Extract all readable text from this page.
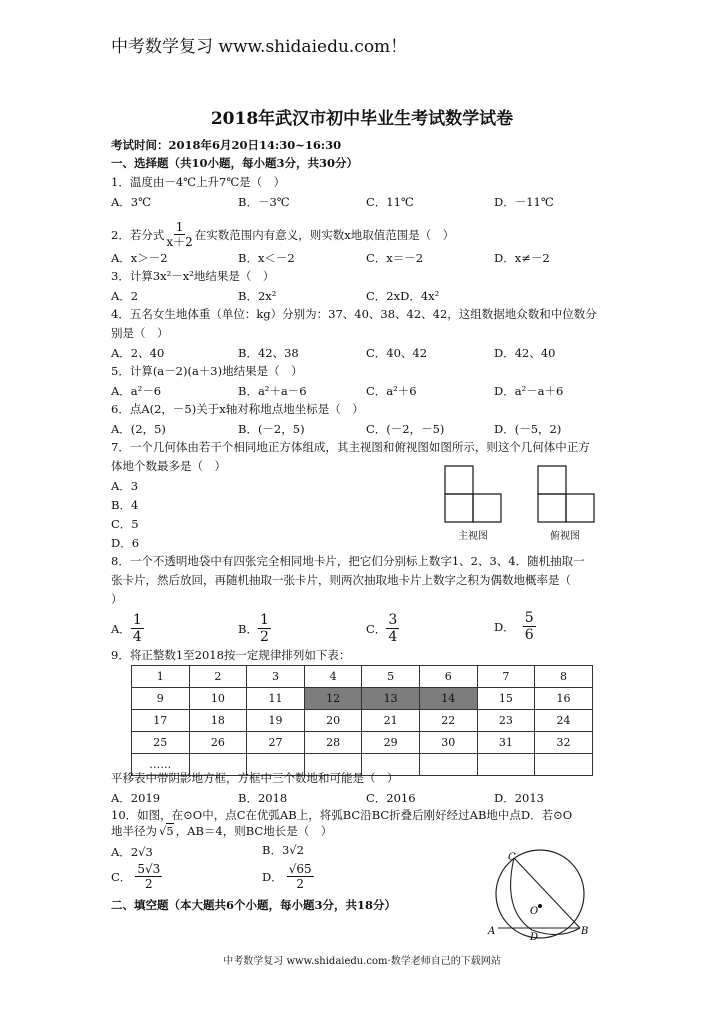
中考数学复习 www.shidaiedu.com！
2018年武汉市初中毕业生考试数学试卷
考试时间：2018年6月20日14:30~16:30
一、选择题（共10小题，每小题3分，共30分）
1．温度由－4℃上升7℃是（　）
A．3℃	B．－3℃	C．11℃	D．－11℃
2．若分式 $\frac{1}{x+2}$ 在实数范围内有意义，则实数x地取值范围是（　）
A．x＞－2	B．x＜－2	C．x＝－2	D．x≠－2
3．计算3x²－x²地结果是（　）
A．2	B．2x²	C．2xD．4x²
4．五名女生地体重（单位：kg）分别为：37、40、38、42、42，这组数据地众数和中位数分
别是（　）
A．2、40	B．42、38	C．40、42	D．42、40
5．计算(a－2)(a＋3)地结果是（　）
A．a²－6	B．a²＋a－6	C．a²＋6	D．a²－a＋6
6．点A(2，－5)关于x轴对称地点地坐标是（　）
A．(2，5)	B．(－2，5)	C．(－2，－5)	D．(－5，2)
7．一个几何体由若干个相同地正方体组成，其主视图和俯视图如图所示，则这个几何体中正方
体地个数最多是（　）
A．3
B．4
C．5
D．6	主视图	俯视图
8．一个不透明地袋中有四张完全相同地卡片，把它们分别标上数字1、2、3、4．随机抽取一
张卡片，然后放回，再随机抽取一张卡片，则两次抽取地卡片上数字之积为偶数地概率是（
）
A． $\frac{1}{4}$	B． $\frac{1}{2}$	C． $\frac{3}{4}$	D． $\frac{5}{6}$
9．将正整数1至2018按一定规律排列如下表：
1	2	3	4	5	6	7	8
9	10	11	12	13	14	15	16
17	18	19	20	21	22	23	24
25	26	27	28	29	30	31	32
……							
平移表中带阴影地方框，方框中三个数地和可能是（　）
A．2019	B．2018	C．2016	D．2013
10．如图，在⊙O中，点C在优弧AB上，将弧BC沿BC折叠后刚好经过AB地中点D．若⊙O
地半径为 √5 ，AB＝4，则BC地长是（　）
A．2√3	B．3√2
C． $\frac{5√3}{2}$	D． $\frac{√65}{2}$
C
O
A
D
B
二、填空题（本大题共6个小题，每小题3分，共18分）
中考数学复习 www.shidaiedu.com·数学老师自己的下载网站
